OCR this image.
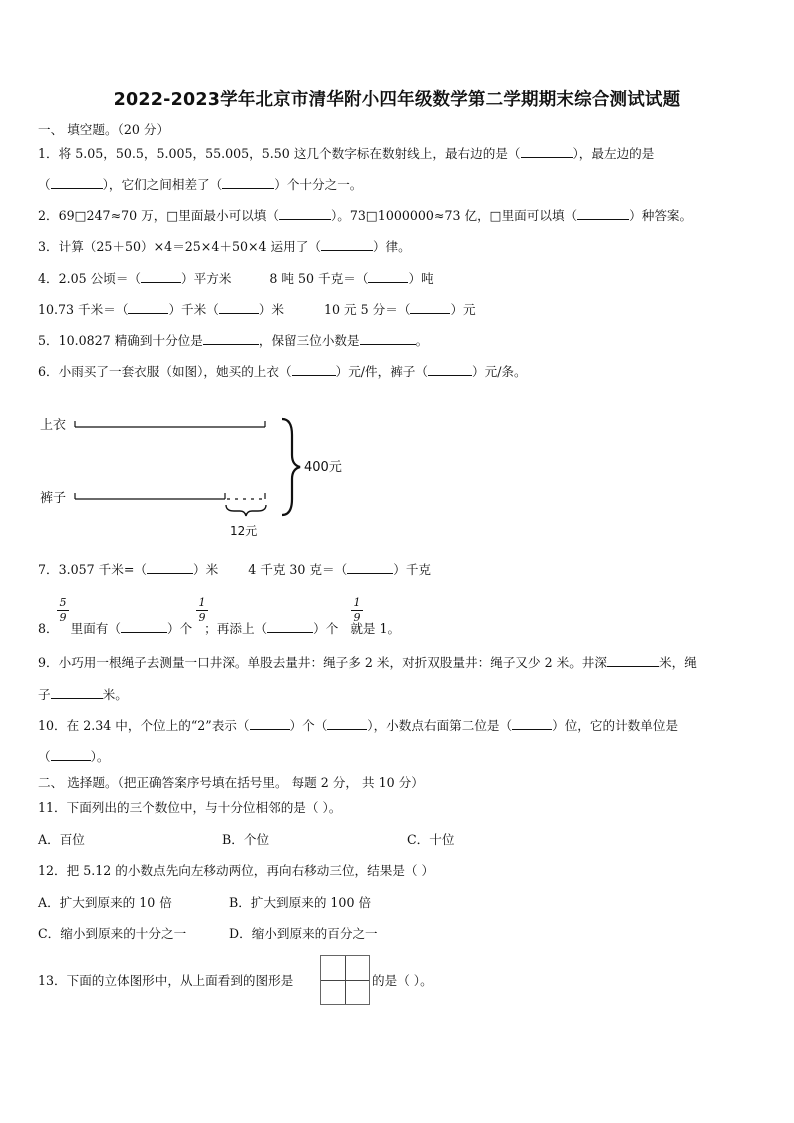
2022-2023学年北京市清华附小四年级数学第二学期期末综合测试试题
一、 填空题。（20 分）
1．将 5.05，50.5，5.005，55.005，5.50 这几个数字标在数射线上，最右边的是（	），最左边的是
（	），它们之间相差了（	）个十分之一。
2．69□247≈70 万，□里面最小可以填（	）。73□1000000≈73 亿，□里面可以填（	）种答案。
3．计算（25＋50）×4＝25×4＋50×4 运用了（	）律。
4．2.05 公顷＝（	）平方米	8 吨 50 千克＝（	）吨
10.73 千米＝（	）千米（	）米	10 元 5 分＝（	）元
5．10.0827 精确到十分位是	，保留三位小数是	。
6．小雨买了一套衣服（如图），她买的上衣（	）元/件，裤子（	）元/条。
上衣
裤子
12元
400元
7．3.057 千米=（	）米 4 千克 30 克＝（	）千克
5
9
1
9
1
9
8． 里面有（	）个 ；再添上（	）个 就是 1。
9．小巧用一根绳子去测量一口井深。单股去量井：绳子多 2 米，对折双股量井：绳子又少 2 米。井深	米，绳
子	米。
10．在 2.34 中，个位上的“2”表示（	）个（	），小数点右面第二位是（	）位，它的计数单位是
（	）。
二、 选择题。（把正确答案序号填在括号里。 每题 2 分， 共 10 分）
11．下面列出的三个数位中，与十分位相邻的是（ ）。
A．百位	B．个位	C．十位
12．把 5.12 的小数点先向左移动两位，再向右移动三位，结果是（ ）
A．扩大到原来的 10 倍	B．扩大到原来的 100 倍
C．缩小到原来的十分之一	D．缩小到原来的百分之一
13．下面的立体图形中，从上面看到的图形是	的是（ ）。
